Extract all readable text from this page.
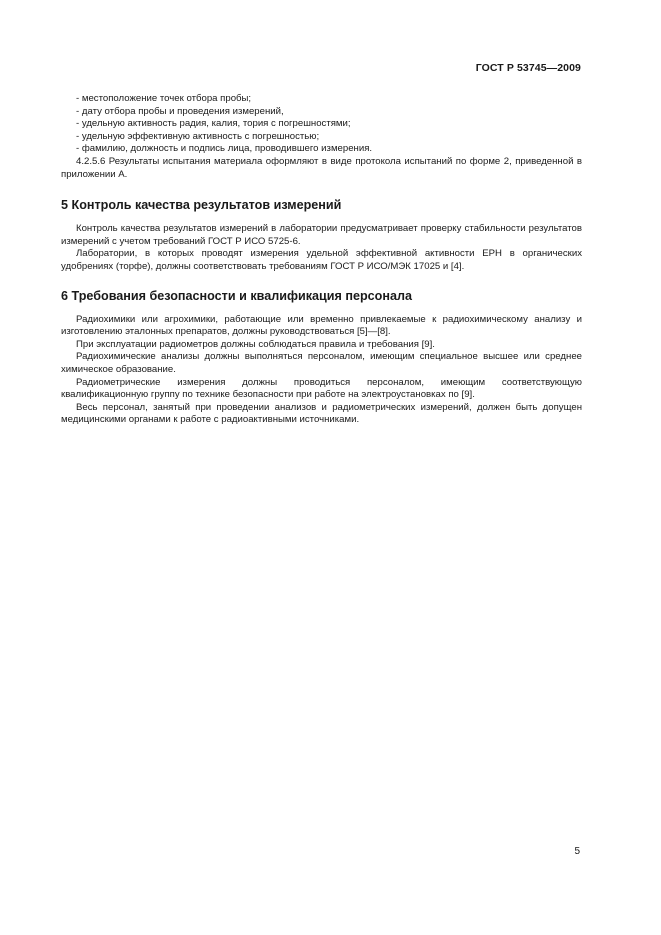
ГОСТ Р 53745—2009

- местоположение точек отбора пробы;

- дату отбора пробы и проведения измерений,

- удельную активность радия, калия, тория с погрешностями;

- удельную эффективную активность с погрешностью;

- фамилию, должность и подпись лица, проводившего измерения.

4.2.5.6 Результаты испытания материала оформляют в виде протокола испытаний по форме 2, приведенной в приложении А.

5 Контроль качества результатов измерений

Контроль качества результатов измерений в лаборатории предусматривает проверку стабильности результатов измерений с учетом требований ГОСТ Р ИСО 5725-6.

Лаборатории, в которых проводят измерения удельной эффективной активности ЕРН в органических удобрениях (торфе), должны соответствовать требованиям ГОСТ Р ИСО/МЭК 17025 и [4].

6 Требования безопасности и квалификация персонала

Радиохимики или агрохимики, работающие или временно привлекаемые к радиохимическому анализу и изготовлению эталонных препаратов, должны руководствоваться [5]—[8].

При эксплуатации радиометров должны соблюдаться правила и требования [9].

Радиохимические анализы должны выполняться персоналом, имеющим специальное высшее или среднее химическое образование.

Радиометрические измерения должны проводиться персоналом, имеющим соответствующую квалификационную группу по технике безопасности при работе на электроустановках по [9].

Весь персонал, занятый при проведении анализов и радиометрических измерений, должен быть допущен медицинскими органами к работе с радиоактивными источниками.

5
